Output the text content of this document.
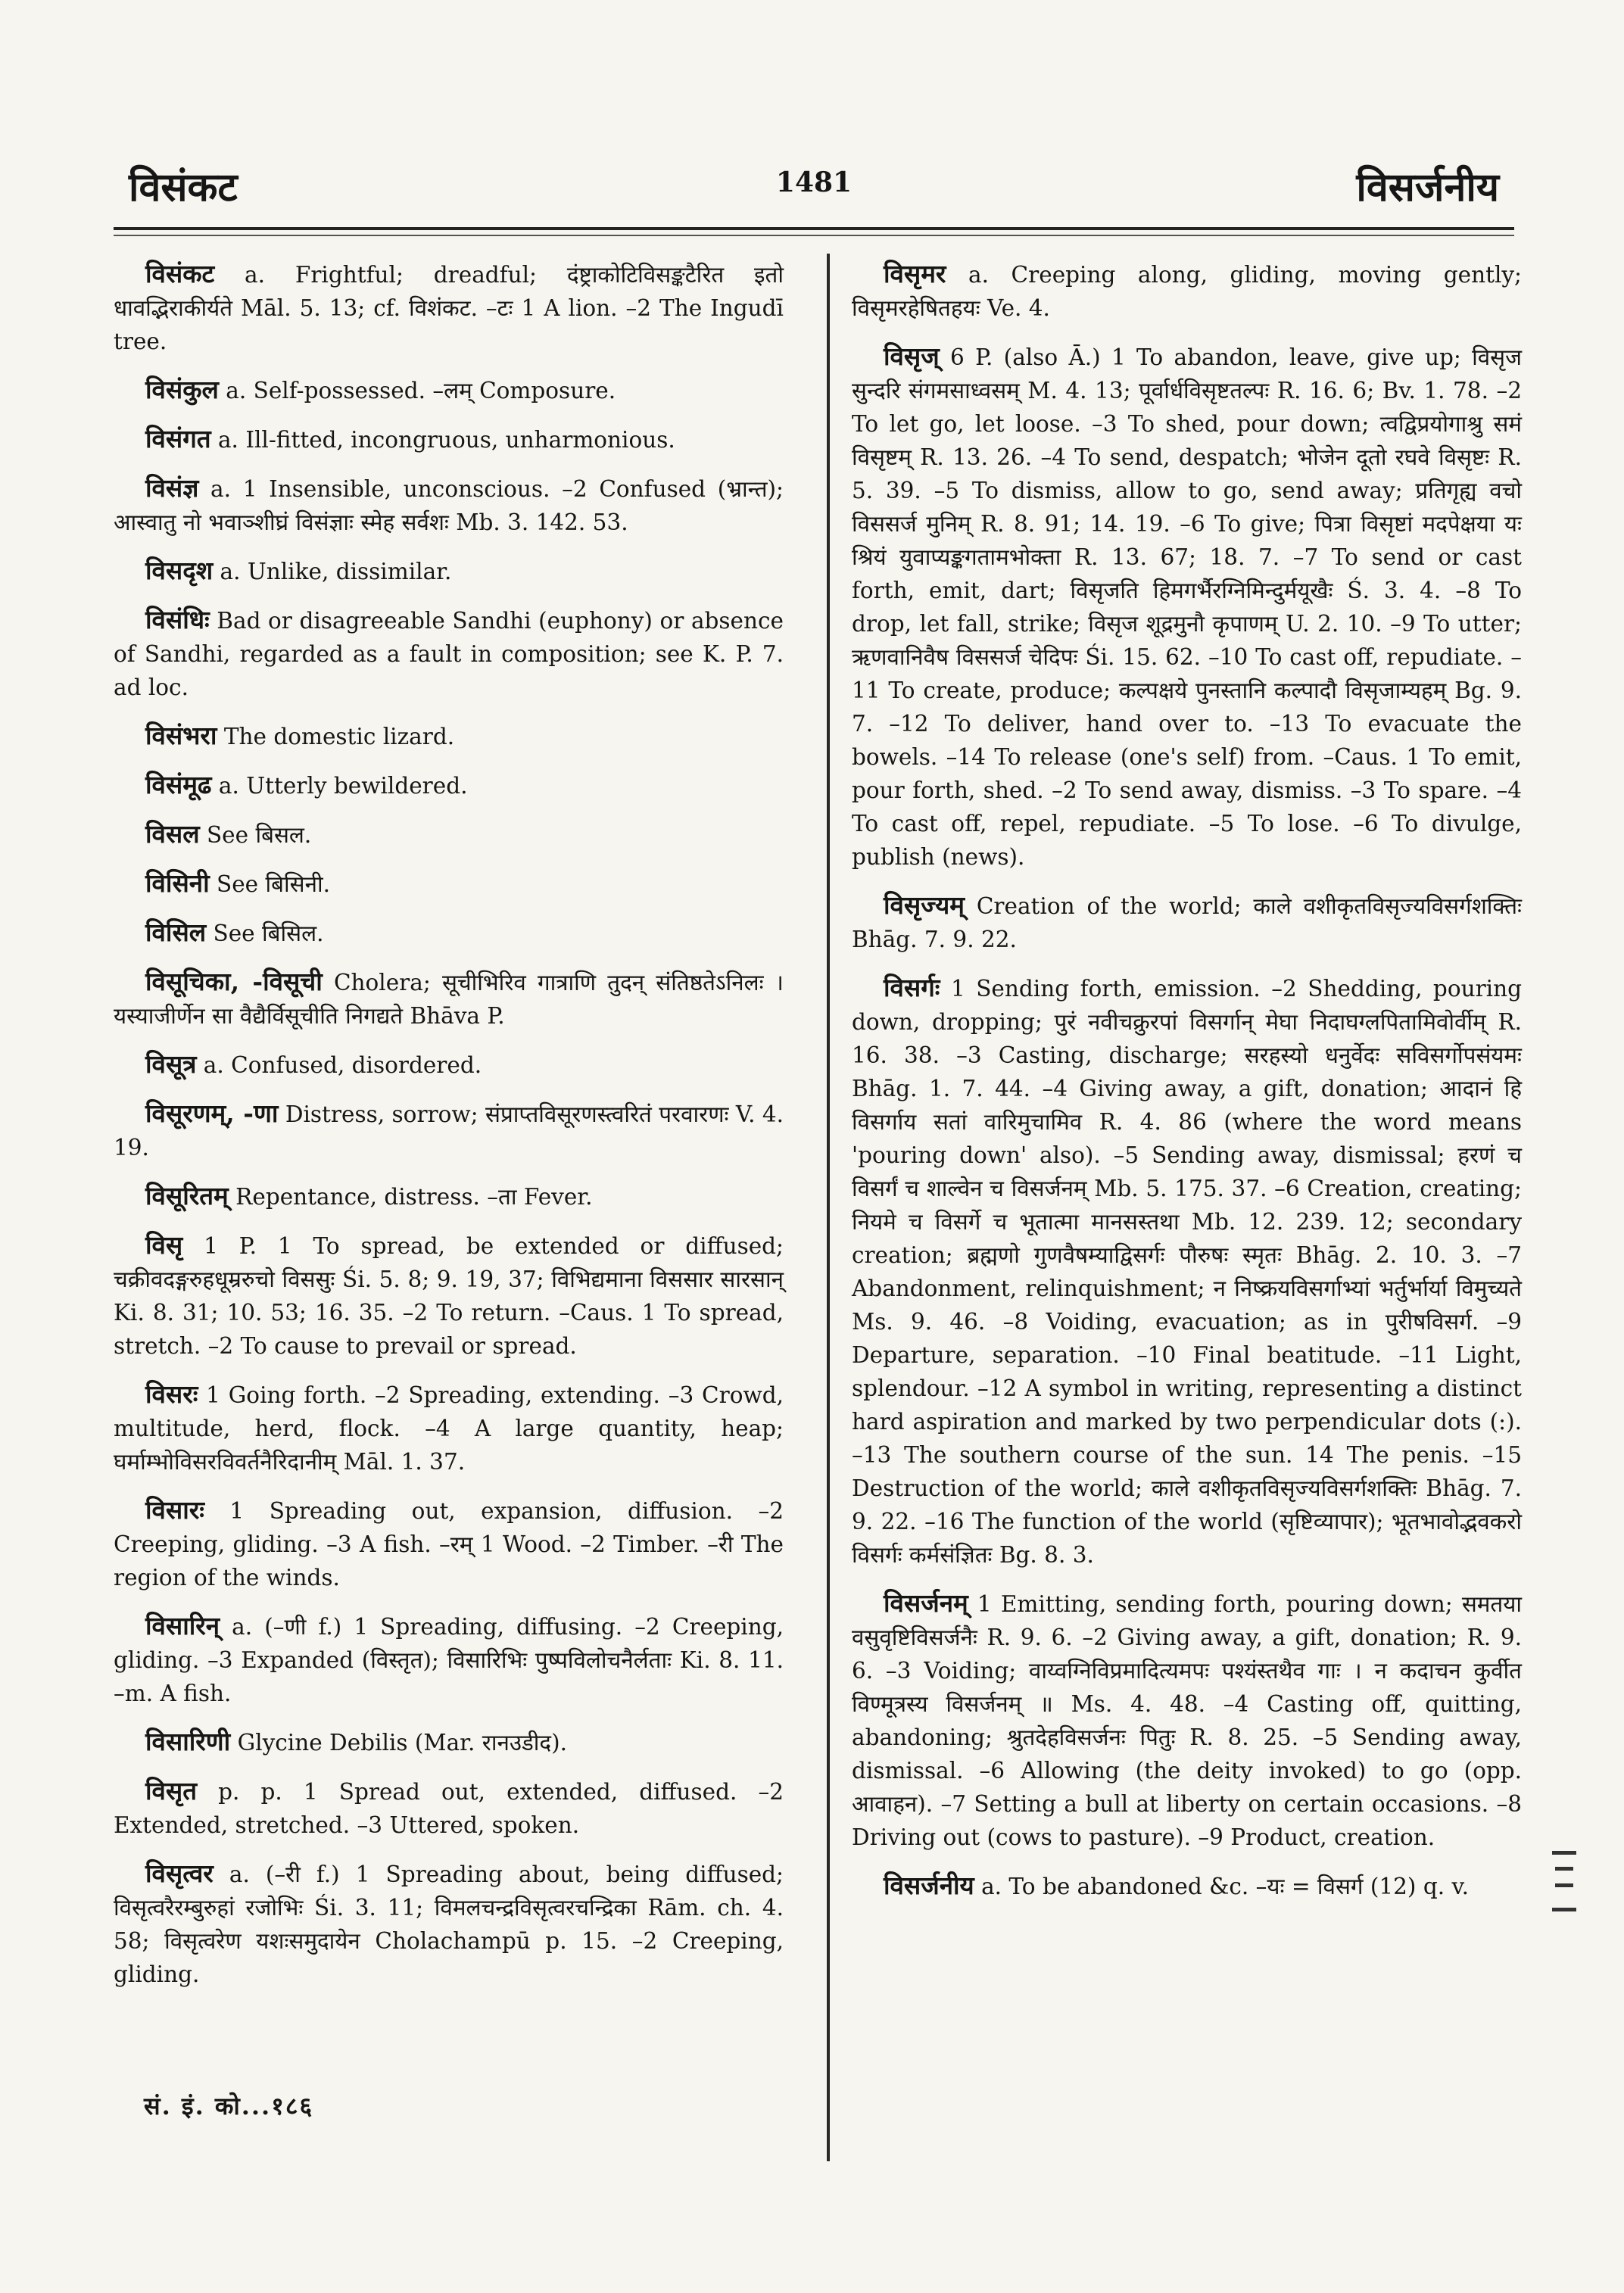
विसंकट	1481	विसर्जनीय

विसंकट a. Frightful; dreadful; दंष्ट्राकोटिविसङ्कटैरित इतो धावद्भिराकीर्यते Māl. 5. 13; cf. विशंकट. –टः 1 A lion. –2 The Ingudī tree.

विसंकुल a. Self-possessed. –लम् Composure.

विसंगत a. Ill-fitted, incongruous, unharmonious.

विसंज्ञ a. 1 Insensible, unconscious. –2 Confused (भ्रान्त); आस्वातु नो भवाञ्शीघ्रं विसंज्ञाः स्मेह सर्वशः Mb. 3. 142. 53.

विसदृश a. Unlike, dissimilar.

विसंधिः Bad or disagreeable Sandhi (euphony) or absence of Sandhi, regarded as a fault in composition; see K. P. 7. ad loc.

विसंभरा The domestic lizard.

विसंमूढ a. Utterly bewildered.

विसल See बिसल.

विसिनी See बिसिनी.

विसिल See बिसिल.

विसूचिका, -विसूची Cholera; सूचीभिरिव गात्राणि तुदन् संतिष्ठतेऽनिलः । यस्याजीर्णेन सा वैद्यैर्विसूचीति निगद्यते Bhāva P.

विसूत्र a. Confused, disordered.

विसूरणम्, -णा Distress, sorrow; संप्राप्तविसूरणस्त्वरितं परवारणः V. 4. 19.

विसूरितम् Repentance, distress. –ता Fever.

विसृ 1 P. 1 To spread, be extended or diffused; चक्रीवदङ्गरुहधूम्ररुचो विससुः Śi. 5. 8; 9. 19, 37; विभिद्यमाना विससार सारसान् Ki. 8. 31; 10. 53; 16. 35. –2 To return. –Caus. 1 To spread, stretch. –2 To cause to prevail or spread.

विसरः 1 Going forth. –2 Spreading, extending. –3 Crowd, multitude, herd, flock. –4 A large quantity, heap; घर्माम्भोविसरविवर्तनैरिदानीम् Māl. 1. 37.

विसारः 1 Spreading out, expansion, diffusion. –2 Creeping, gliding. –3 A fish. –रम् 1 Wood. –2 Timber. –री The region of the winds.

विसारिन् a. (–णी f.) 1 Spreading, diffusing. –2 Creeping, gliding. –3 Expanded (विस्तृत); विसारिभिः पुष्पविलोचनैर्लताः Ki. 8. 11. –m. A fish.

विसारिणी Glycine Debilis (Mar. रानउडीद).

विसृत p. p. 1 Spread out, extended, diffused. –2 Extended, stretched. –3 Uttered, spoken.

विसृत्वर a. (–री f.) 1 Spreading about, being diffused; विसृत्वरैरम्बुरुहां रजोभिः Śi. 3. 11; विमलचन्द्रविसृत्वरचन्द्रिका Rām. ch. 4. 58; विसृत्वरेण यशःसमुदायेन Cholachampū p. 15. –2 Creeping, gliding.

विसृमर a. Creeping along, gliding, moving gently; विसृमरहेषितहयः Ve. 4.

विसृज् 6 P. (also Ā.) 1 To abandon, leave, give up; विसृज सुन्दरि संगमसाध्वसम् M. 4. 13; पूर्वार्धविसृष्टतल्पः R. 16. 6; Bv. 1. 78. –2 To let go, let loose. –3 To shed, pour down; त्वद्विप्रयोगाश्रु समं विसृष्टम् R. 13. 26. –4 To send, despatch; भोजेन दूतो रघवे विसृष्टः R. 5. 39. –5 To dismiss, allow to go, send away; प्रतिगृह्य वचो विससर्ज मुनिम् R. 8. 91; 14. 19. –6 To give; पित्रा विसृष्टां मदपेक्षया यः श्रियं युवाप्यङ्कगतामभोक्ता R. 13. 67; 18. 7. –7 To send or cast forth, emit, dart; विसृजति हिमगर्भैरग्निमिन्दुर्मयूखैः Ś. 3. 4. –8 To drop, let fall, strike; विसृज शूद्रमुनौ कृपाणम् U. 2. 10. –9 To utter; ऋणवानिवैष विससर्ज चेदिपः Śi. 15. 62. –10 To cast off, repudiate. –11 To create, produce; कल्पक्षये पुनस्तानि कल्पादौ विसृजाम्यहम् Bg. 9. 7. –12 To deliver, hand over to. –13 To evacuate the bowels. –14 To release (one's self) from. –Caus. 1 To emit, pour forth, shed. –2 To send away, dismiss. –3 To spare. –4 To cast off, repel, repudiate. –5 To lose. –6 To divulge, publish (news).

विसृज्यम् Creation of the world; काले वशीकृतविसृज्यविसर्गशक्तिः Bhāg. 7. 9. 22.

विसर्गः 1 Sending forth, emission. –2 Shedding, pouring down, dropping; पुरं नवीचक्रुरपां विसर्गान् मेघा निदाघग्लपितामिवोर्वीम् R. 16. 38. –3 Casting, discharge; सरहस्यो धनुर्वेदः सविसर्गोपसंयमः Bhāg. 1. 7. 44. –4 Giving away, a gift, donation; आदानं हि विसर्गाय सतां वारिमुचामिव R. 4. 86 (where the word means 'pouring down' also). –5 Sending away, dismissal; हरणं च विसर्गं च शाल्वेन च विसर्जनम् Mb. 5. 175. 37. –6 Creation, creating; नियमे च विसर्गे च भूतात्मा मानसस्तथा Mb. 12. 239. 12; secondary creation; ब्रह्मणो गुणवैषम्याद्विसर्गः पौरुषः स्मृतः Bhāg. 2. 10. 3. –7 Abandonment, relinquishment; न निष्क्रयविसर्गाभ्यां भर्तुर्भार्या विमुच्यते Ms. 9. 46. –8 Voiding, evacuation; as in पुरीषविसर्ग. –9 Departure, separation. –10 Final beatitude. –11 Light, splendour. –12 A symbol in writing, representing a distinct hard aspiration and marked by two perpendicular dots (:). –13 The southern course of the sun. 14 The penis. –15 Destruction of the world; काले वशीकृतविसृज्यविसर्गशक्तिः Bhāg. 7. 9. 22. –16 The function of the world (सृष्टिव्यापार); भूतभावोद्भवकरो विसर्गः कर्मसंज्ञितः Bg. 8. 3.

विसर्जनम् 1 Emitting, sending forth, pouring down; समतया वसुवृष्टिविसर्जनैः R. 9. 6. –2 Giving away, a gift, donation; R. 9. 6. –3 Voiding; वाय्वग्निविप्रमादित्यमपः पश्यंस्तथैव गाः । न कदाचन कुर्वीत विण्मूत्रस्य विसर्जनम् ॥ Ms. 4. 48. –4 Casting off, quitting, abandoning; श्रुतदेहविसर्जनः पितुः R. 8. 25. –5 Sending away, dismissal. –6 Allowing (the deity invoked) to go (opp. आवाहन). –7 Setting a bull at liberty on certain occasions. –8 Driving out (cows to pasture). –9 Product, creation.

विसर्जनीय a. To be abandoned &c. –यः = विसर्ग (12) q. v.

सं. इं. को...१८६
